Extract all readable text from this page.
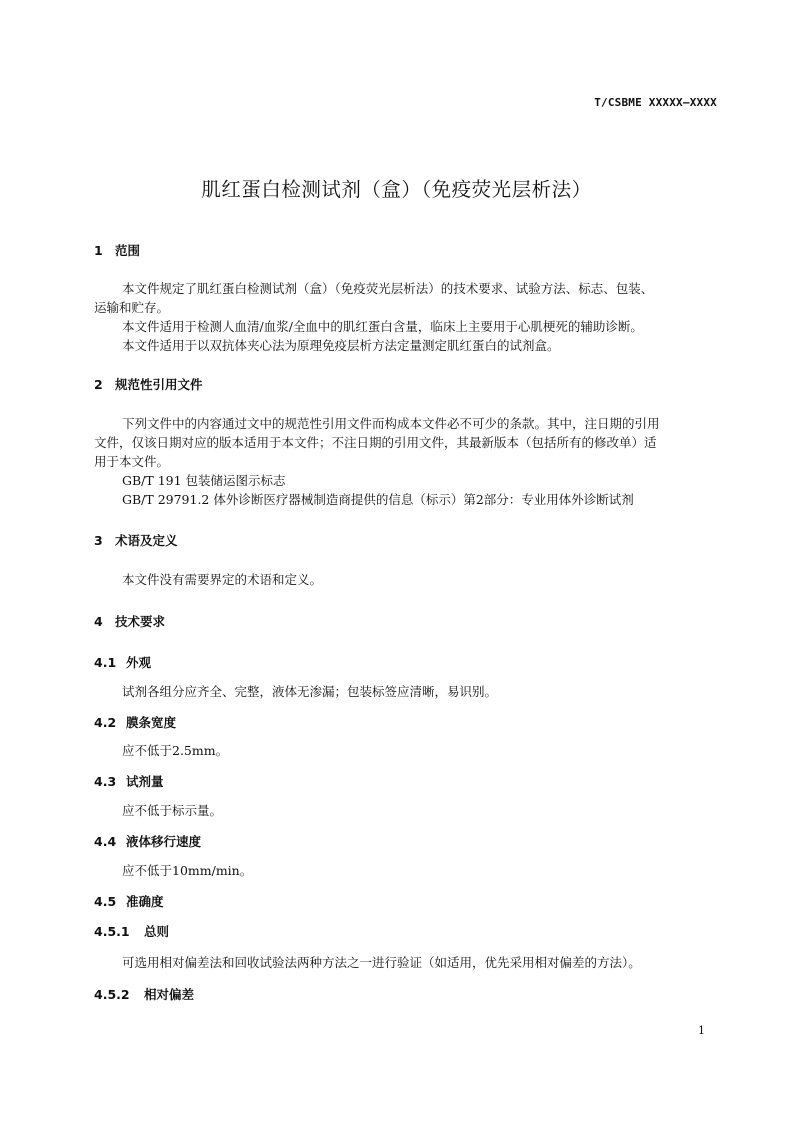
T/CSBME XXXXX—XXXX
肌红蛋白检测试剂（盒）（免疫荧光层析法）
1 范围
本文件规定了肌红蛋白检测试剂（盒）（免疫荧光层析法）的技术要求、试验方法、标志、包装、
运输和贮存。
本文件适用于检测人血清/血浆/全血中的肌红蛋白含量，临床上主要用于心肌梗死的辅助诊断。
本文件适用于以双抗体夹心法为原理免疫层析方法定量测定肌红蛋白的试剂盒。
2 规范性引用文件
下列文件中的内容通过文中的规范性引用文件而构成本文件必不可少的条款。其中，注日期的引用
文件，仅该日期对应的版本适用于本文件；不注日期的引用文件，其最新版本（包括所有的修改单）适
用于本文件。
GB/T 191 包装储运图示标志
GB/T 29791.2 体外诊断医疗器械制造商提供的信息（标示）第2部分：专业用体外诊断试剂
3 术语及定义
本文件没有需要界定的术语和定义。
4 技术要求
4.1 外观
试剂各组分应齐全、完整，液体无渗漏；包装标签应清晰，易识别。
4.2 膜条宽度
应不低于2.5mm。
4.3 试剂量
应不低于标示量。
4.4 液体移行速度
应不低于10mm/min。
4.5 准确度
4.5.1 总则
可选用相对偏差法和回收试验法两种方法之一进行验证（如适用，优先采用相对偏差的方法）。
4.5.2 相对偏差
1
